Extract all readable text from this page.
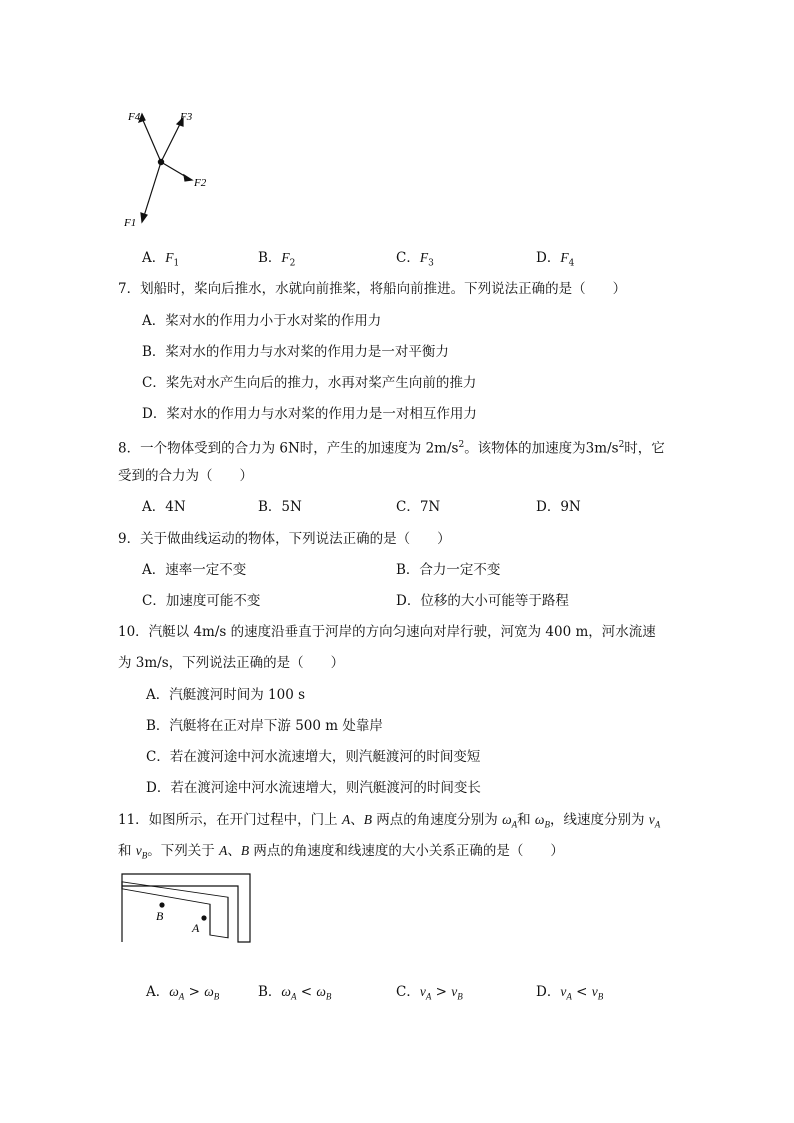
F4	F3
F2
F1
A．$F_1$	B．$F_2$	C．$F_3$	D．$F_4$
7．划船时，桨向后推水，水就向前推桨，将船向前推进。下列说法正确的是（　　）
A．桨对水的作用力小于水对桨的作用力
B．桨对水的作用力与水对桨的作用力是一对平衡力
C．桨先对水产生向后的推力，水再对桨产生向前的推力
D．桨对水的作用力与水对桨的作用力是一对相互作用力
8．一个物体受到的合力为 6N时，产生的加速度为 $2m/s^2$。该物体的加速度为$3m/s^2$时，它
受到的合力为（　　）
A．4N	B．5N	C．7N	D．9N
9．关于做曲线运动的物体，下列说法正确的是（　　）
A．速率一定不变	B．合力一定不变
C．加速度可能不变	D．位移的大小可能等于路程
10．汽艇以 4m/s 的速度沿垂直于河岸的方向匀速向对岸行驶，河宽为 400 m，河水流速
为 3m/s，下列说法正确的是（　　）
A．汽艇渡河时间为 100 s
B．汽艇将在正对岸下游 500 m 处靠岸
C．若在渡河途中河水流速增大，则汽艇渡河的时间变短
D．若在渡河途中河水流速增大，则汽艇渡河的时间变长
11．如图所示，在开门过程中，门上 A、B 两点的角速度分别为 $\omega_A$和 $\omega_B$，线速度分别为 $v_A$
和 $v_B$。下列关于 A、B 两点的角速度和线速度的大小关系正确的是（　　）
B
A
A．$\omega_A > \omega_B$	B．$\omega_A < \omega_B$	C．$v_A > v_B$	D．$v_A < v_B$
